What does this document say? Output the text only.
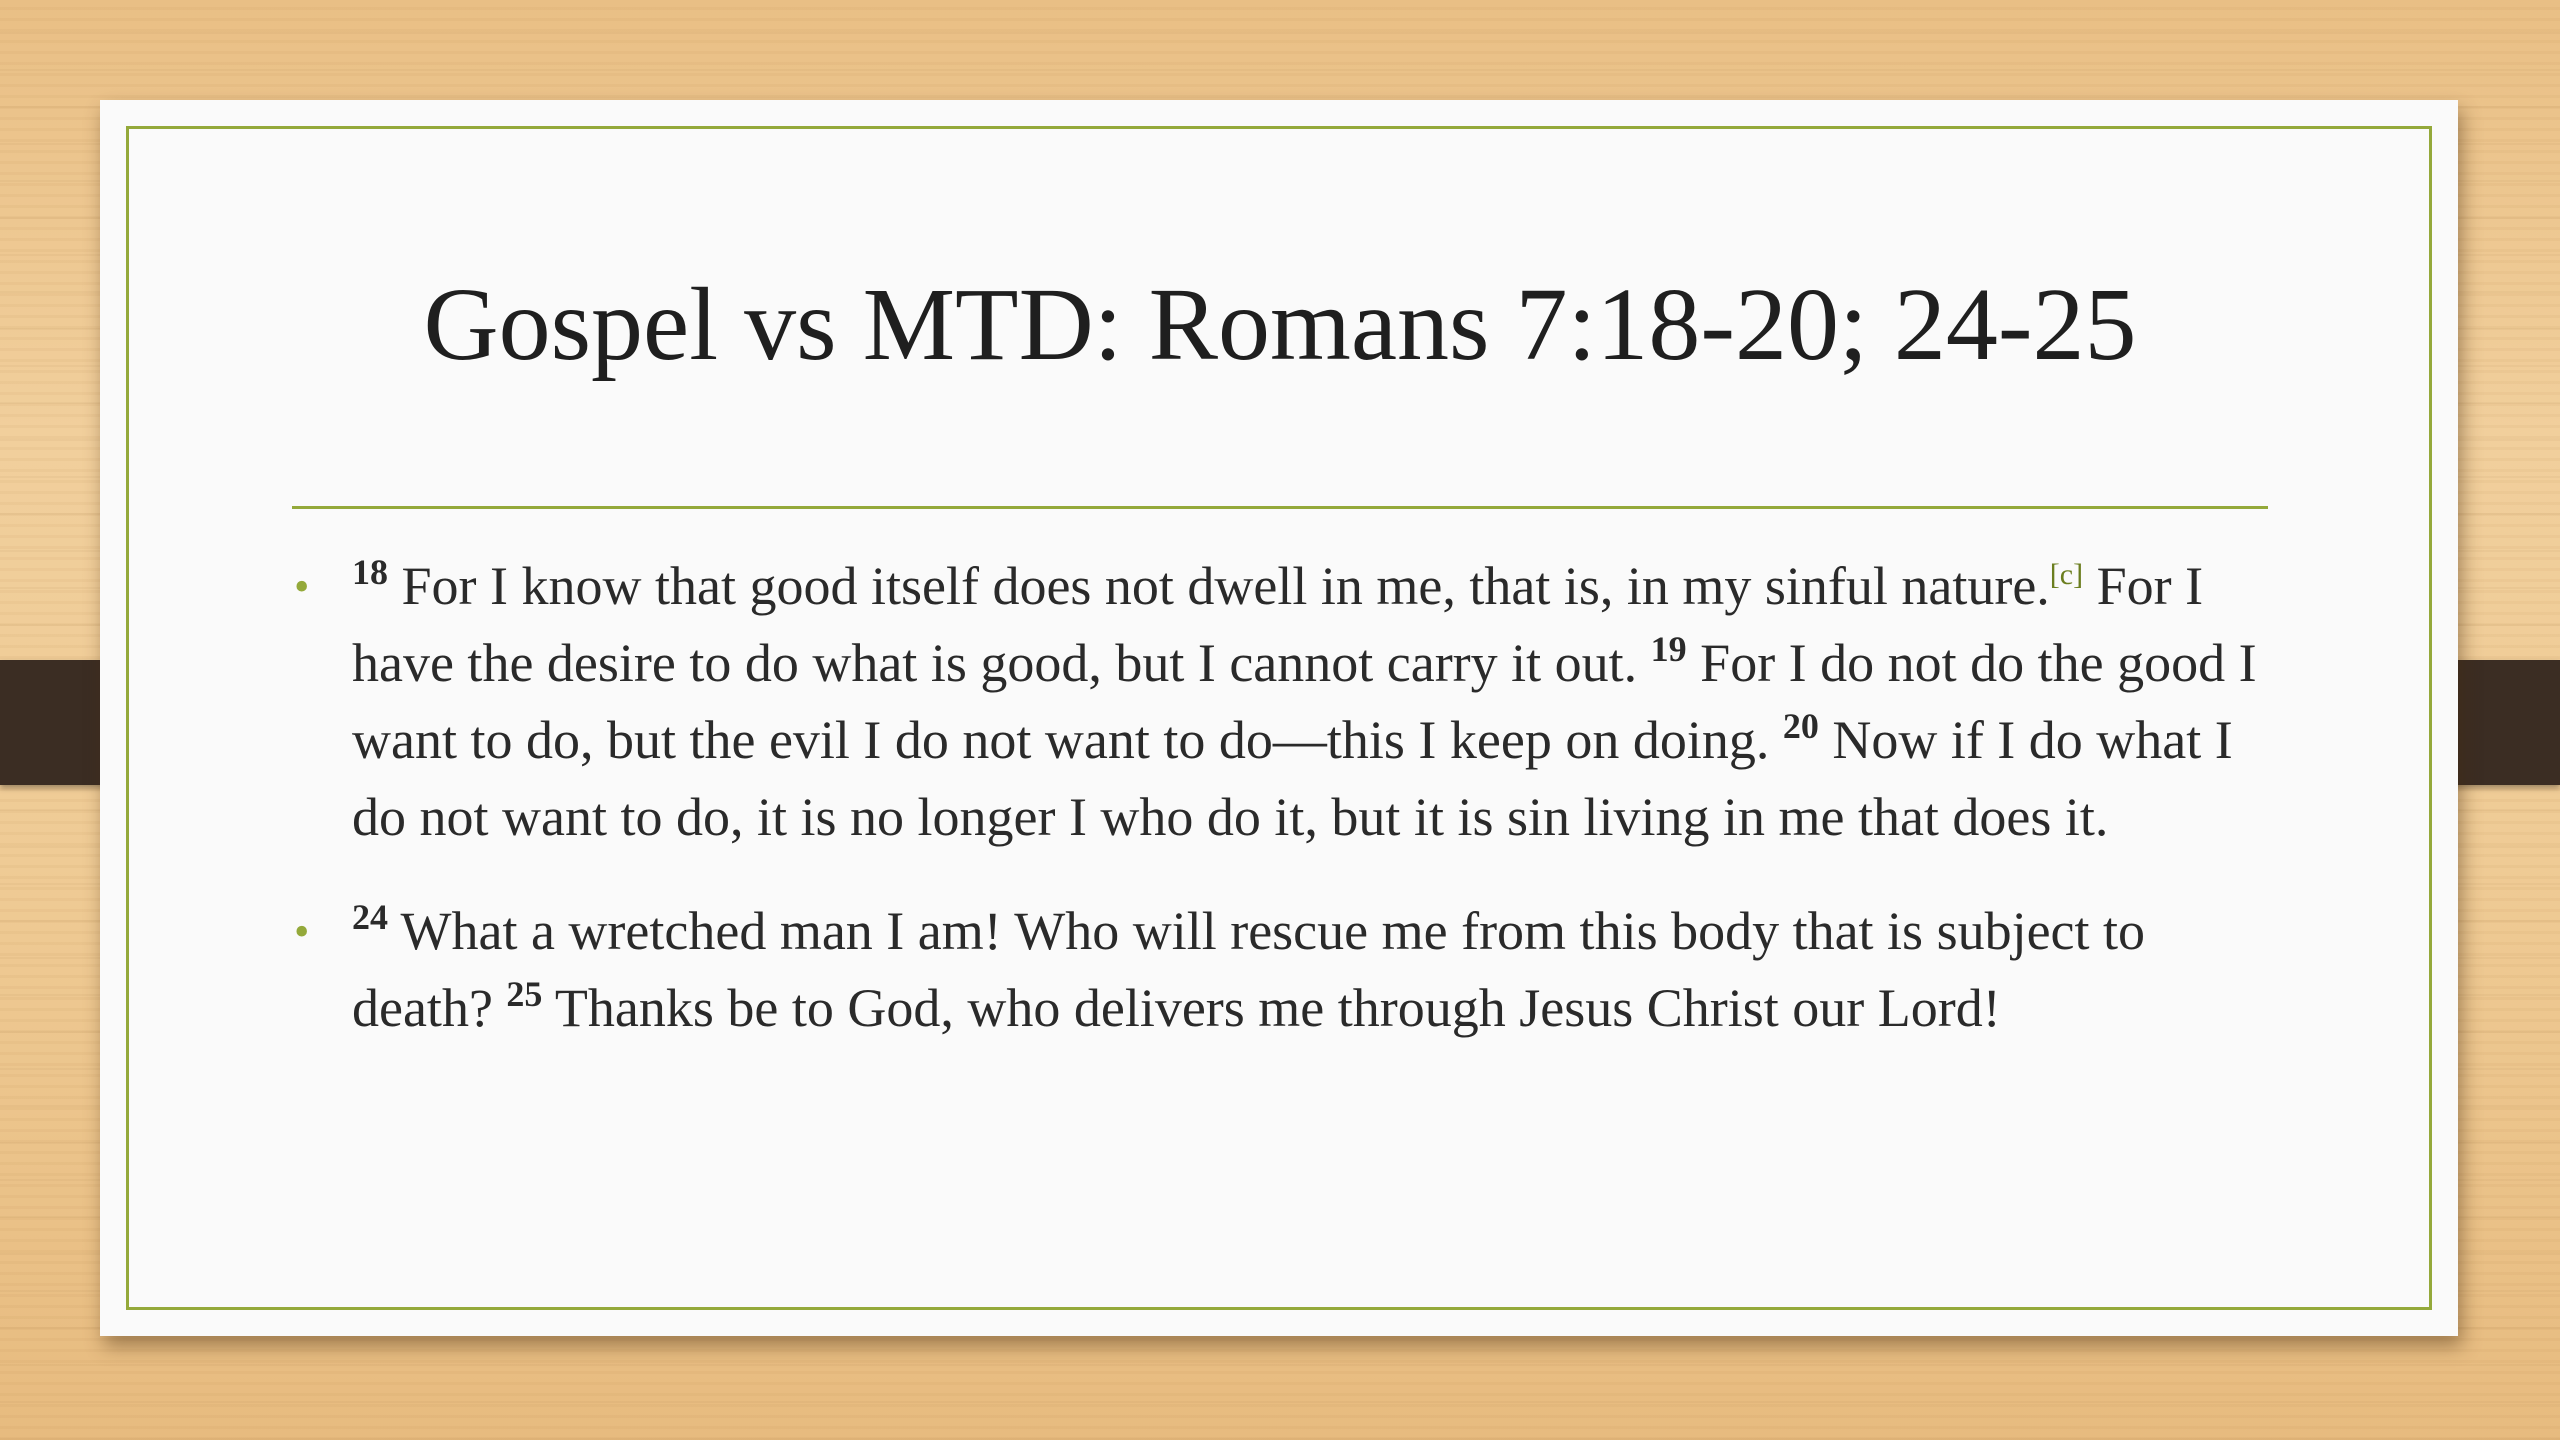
Gospel vs MTD: Romans 7:18-20; 24-25
• $^{18}$ For I know that good itself does not dwell in me, that is, in my sinful nature.[c] For I have the desire to do what is good, but I cannot carry it out. $^{19}$ For I do not do the good I want to do, but the evil I do not want to do—this I keep on doing. $^{20}$ Now if I do what I do not want to do, it is no longer I who do it, but it is sin living in me that does it.
• $^{24}$ What a wretched man I am! Who will rescue me from this body that is subject to death? $^{25}$ Thanks be to God, who delivers me through Jesus Christ our Lord!
